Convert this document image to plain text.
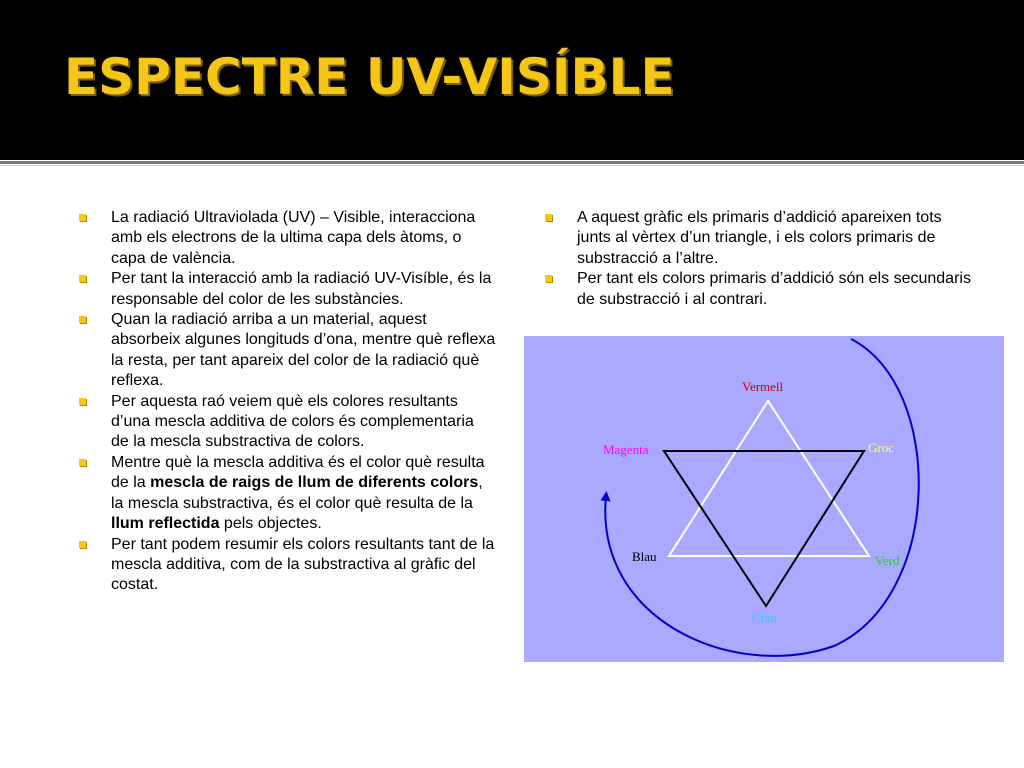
ESPECTRE UV-VISÍBLE
La radiació Ultraviolada (UV) – Visible, interacciona amb els electrons de la ultima capa dels àtoms, o capa de valència.
Per tant la interacció amb la radiació UV-Visíble, és la responsable del color de les substàncies.
Quan la radiació arriba a un material, aquest absorbeix algunes longituds d’ona, mentre què reflexa la resta, per tant apareix del color de la radiació què reflexa.
Per aquesta raó veiem què els colores resultants d’una mescla additiva de colors és complementaria de la mescla substractiva de colors.
Mentre què la mescla additiva és el color què resulta de la mescla de raigs de llum de diferents colors, la mescla substractiva, és el color què resulta de la llum reflectida pels objectes.
Per tant podem resumir els colors resultants tant de la mescla additiva, com de la substractiva al gràfic del costat.
A aquest gràfic els primaris d’addició apareixen tots junts al vèrtex d’un triangle, i els colors primaris de substracció a l’altre.
Per tant els colors primaris d’addició són els secundaris de substracció i al contrari.
Vermell
Magenta	Groc
Blau	Verd
Cian
